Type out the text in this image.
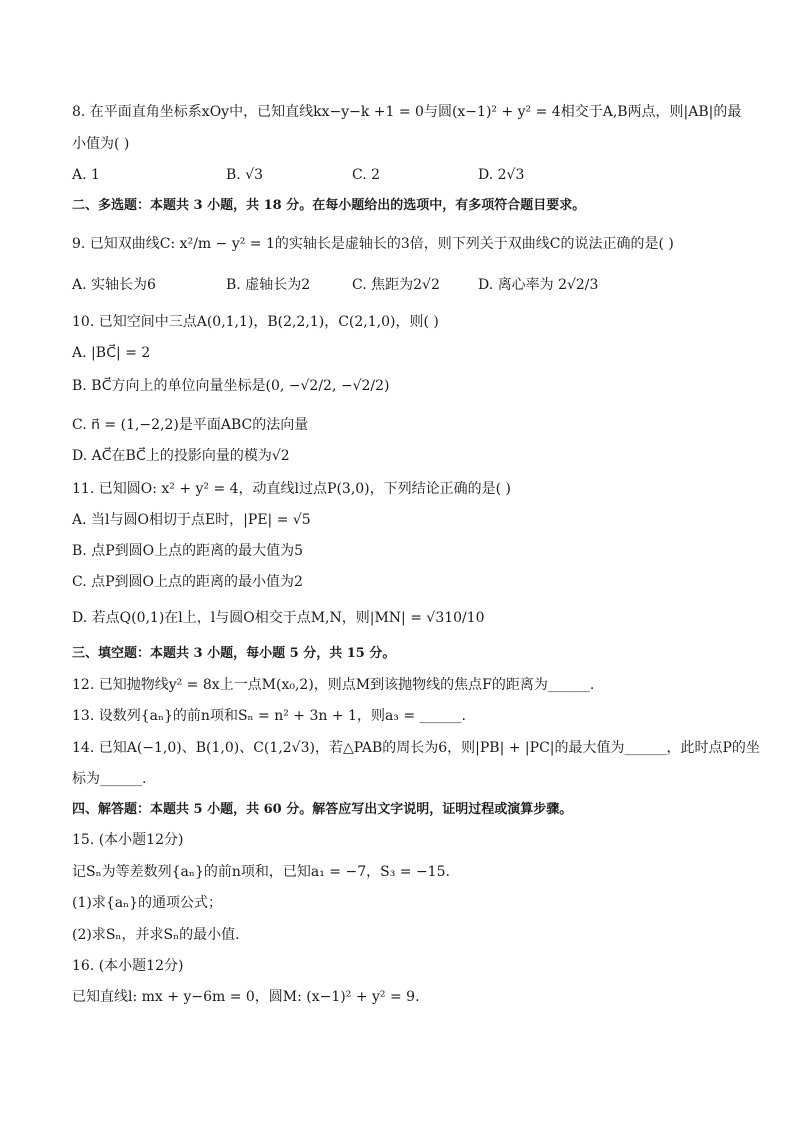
8. 在平面直角坐标系xOy中，已知直线kx−y−k +1 = 0与圆(x−1)² + y² = 4相交于A,B两点，则|AB|的最
小值为( )
A. 1	B. √3	C. 2	D. 2√3
二、多选题：本题共 3 小题，共 18 分。在每小题给出的选项中，有多项符合题目要求。
9. 已知双曲线C: x²/m − y² = 1的实轴长是虚轴长的3倍，则下列关于双曲线C的说法正确的是( )
A. 实轴长为6	B. 虚轴长为2	C. 焦距为2√2	D. 离心率为 2√2/3
10. 已知空间中三点A(0,1,1)，B(2,2,1)，C(2,1,0)，则( )
A. |BC⃗| = 2
B. BC⃗方向上的单位向量坐标是(0, −√2/2, −√2/2)
C. n⃗ = (1,−2,2)是平面ABC的法向量
D. AC⃗在BC⃗上的投影向量的模为√2
11. 已知圆O: x² + y² = 4，动直线l过点P(3,0)，下列结论正确的是( )
A. 当l与圆O相切于点E时，|PE| = √5
B. 点P到圆O上点的距离的最大值为5
C. 点P到圆O上点的距离的最小值为2
D. 若点Q(0,1)在l上，l与圆O相交于点M,N，则|MN| = √310/10
三、填空题：本题共 3 小题，每小题 5 分，共 15 分。
12. 已知抛物线y² = 8x上一点M(x₀,2)，则点M到该抛物线的焦点F的距离为______.
13. 设数列{aₙ}的前n项和Sₙ = n² + 3n + 1，则a₃ = ______.
14. 已知A(−1,0)、B(1,0)、C(1,2√3)，若△PAB的周长为6，则|PB| + |PC|的最大值为______，此时点P的坐
标为______.
四、解答题：本题共 5 小题，共 60 分。解答应写出文字说明，证明过程或演算步骤。
15. (本小题12分)
记Sₙ为等差数列{aₙ}的前n项和，已知a₁ = −7，S₃ = −15.
(1)求{aₙ}的通项公式；
(2)求Sₙ，并求Sₙ的最小值.
16. (本小题12分)
已知直线l: mx + y−6m = 0，圆M: (x−1)² + y² = 9.
